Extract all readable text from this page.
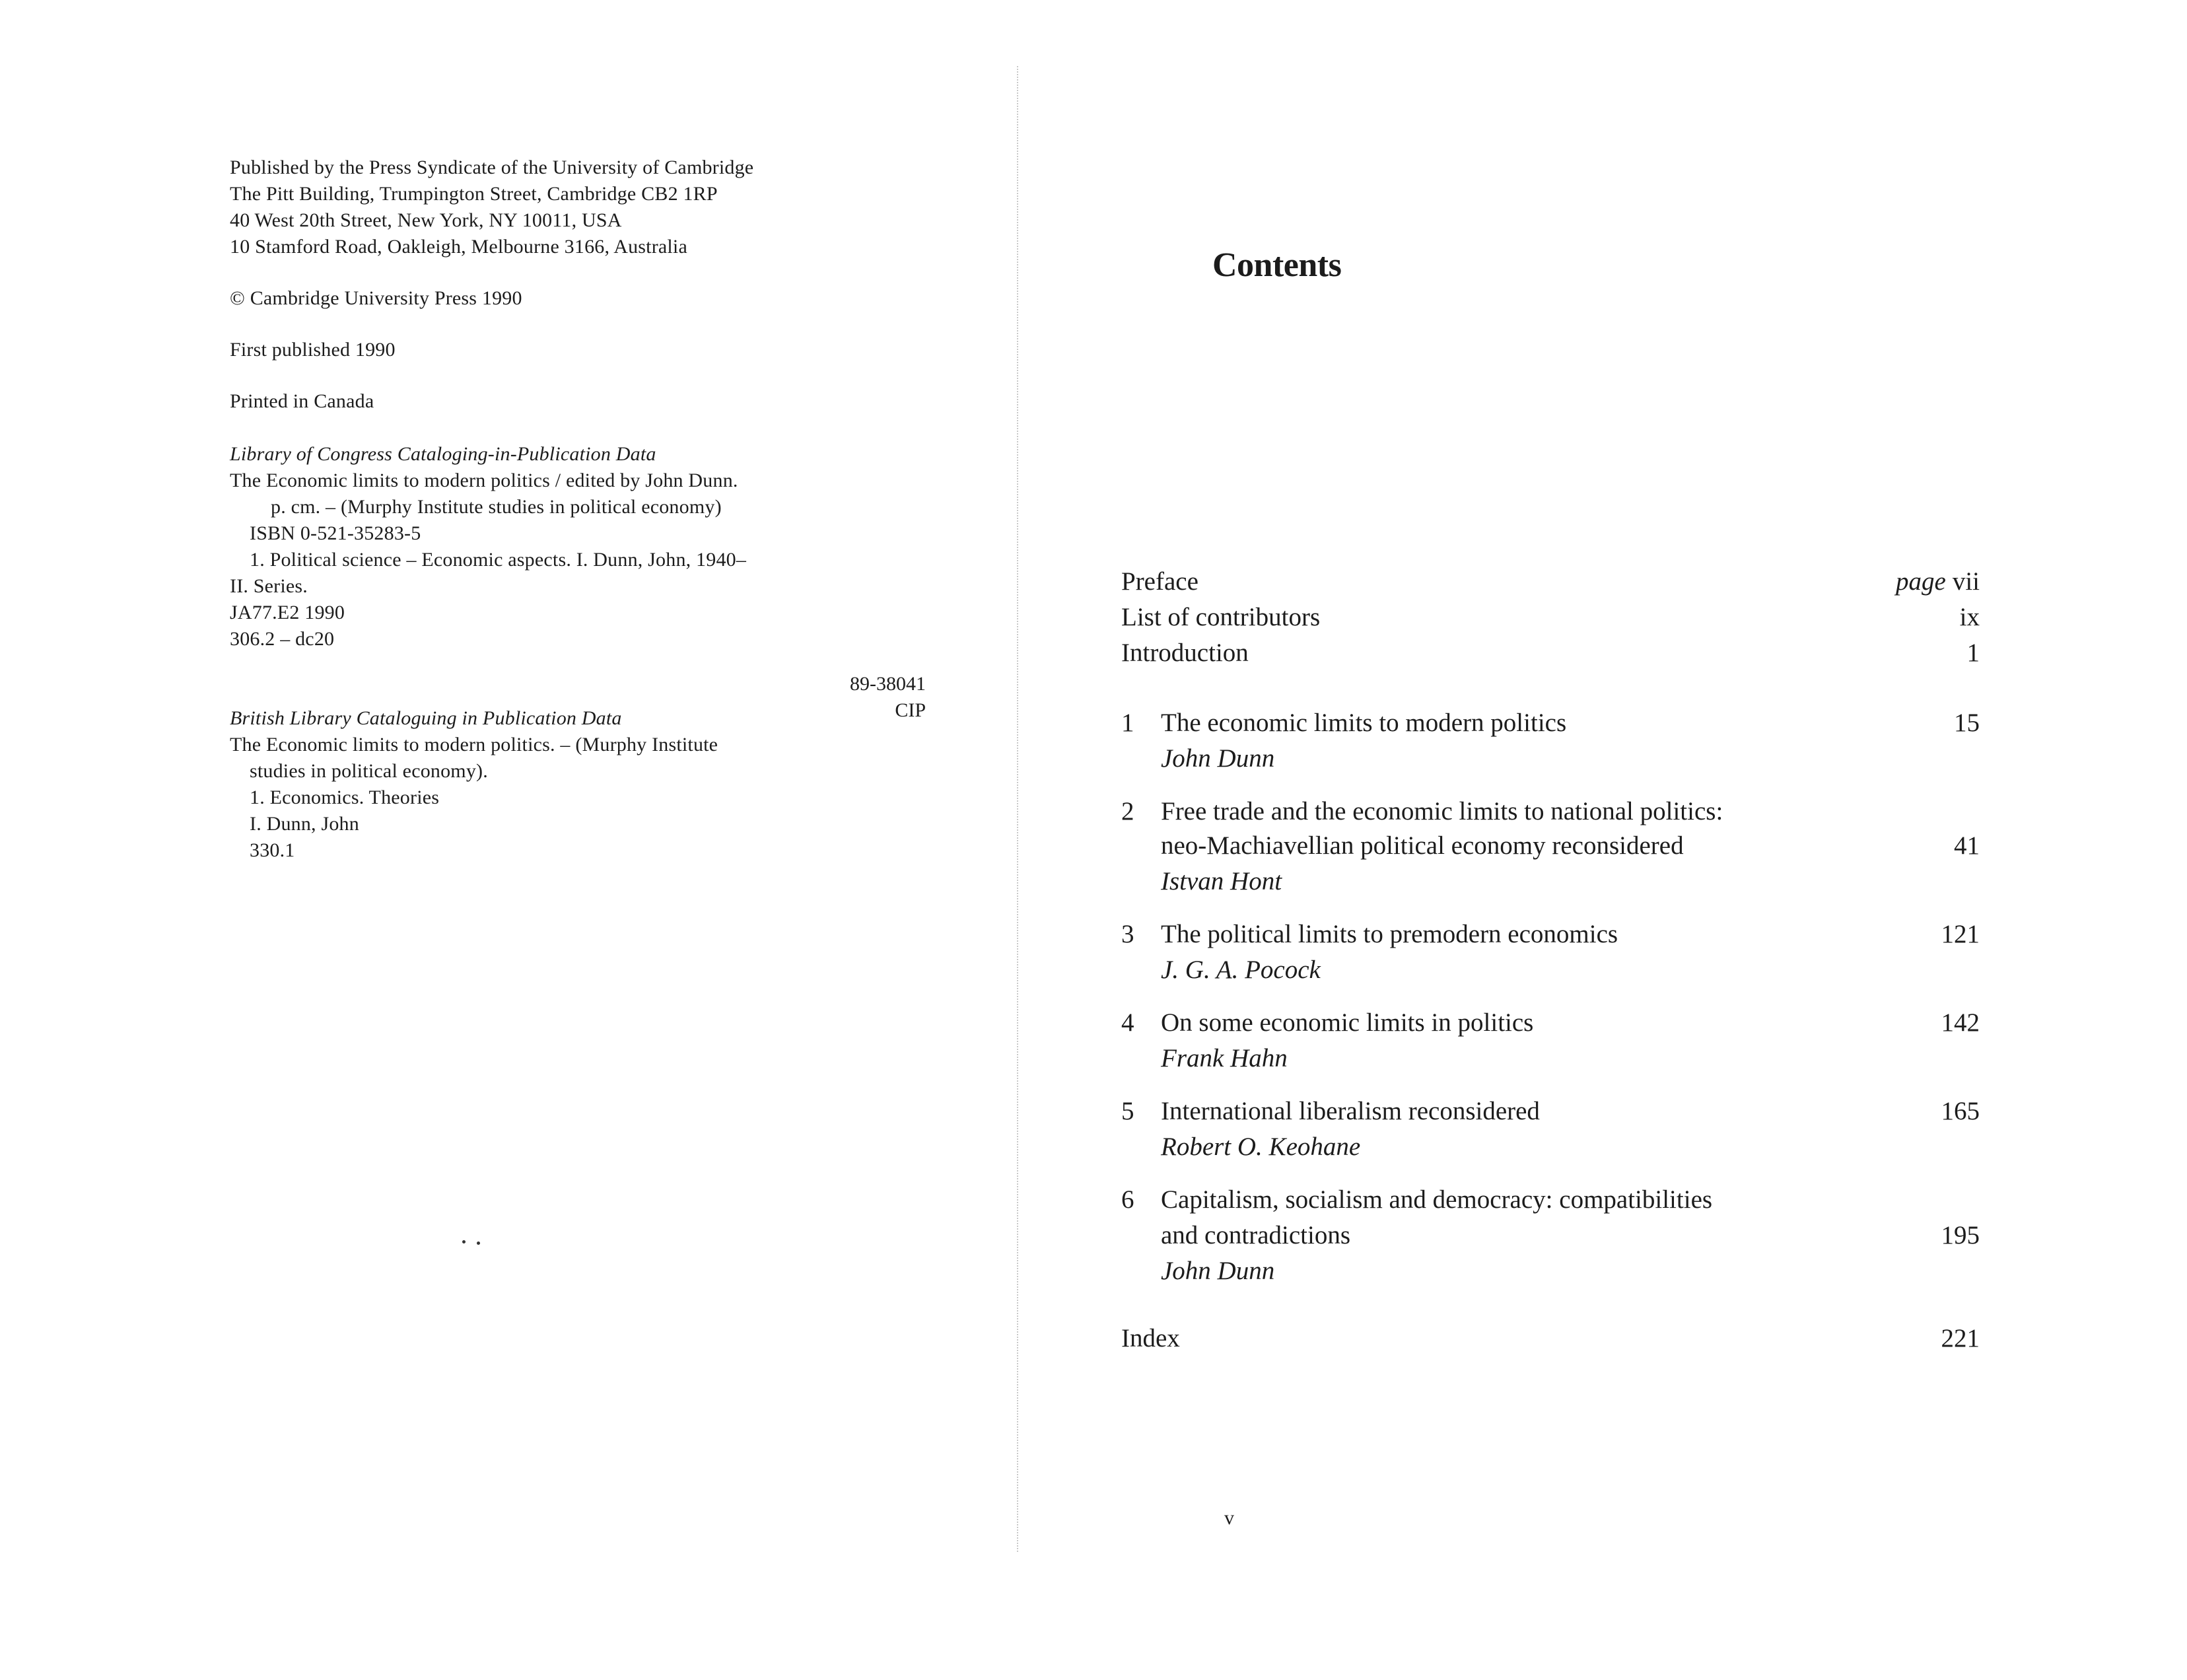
Published by the Press Syndicate of the University of Cambridge

The Pitt Building, Trumpington Street, Cambridge CB2 1RP

40 West 20th Street, New York, NY 10011, USA

10 Stamford Road, Oakleigh, Melbourne 3166, Australia

© Cambridge University Press 1990

First published 1990

Printed in Canada

Library of Congress Cataloging-in-Publication Data

The Economic limits to modern politics / edited by John Dunn.

p. cm. – (Murphy Institute studies in political economy)

ISBN 0-521-35283-5

1. Political science – Economic aspects. I. Dunn, John, 1940–

II. Series.

JA77.E2 1990

306.2 – dc20

British Library Cataloguing in Publication Data

The Economic limits to modern politics. – (Murphy Institute

studies in political economy).

1. Economics. Theories

I. Dunn, John

330.1

89-38041
CIP
Contents
Preface	page vii
List of contributors	ix
Introduction	1
1 The economic limits to modern politics	15
John Dunn
2 Free trade and the economic limits to national politics:
neo-Machiavellian political economy reconsidered	41
Istvan Hont
3 The political limits to premodern economics	121
J. G. A. Pocock
4 On some economic limits in politics	142
Frank Hahn
5 International liberalism reconsidered	165
Robert O. Keohane
6 Capitalism, socialism and democracy: compatibilities
and contradictions	195
John Dunn
Index	221
v
